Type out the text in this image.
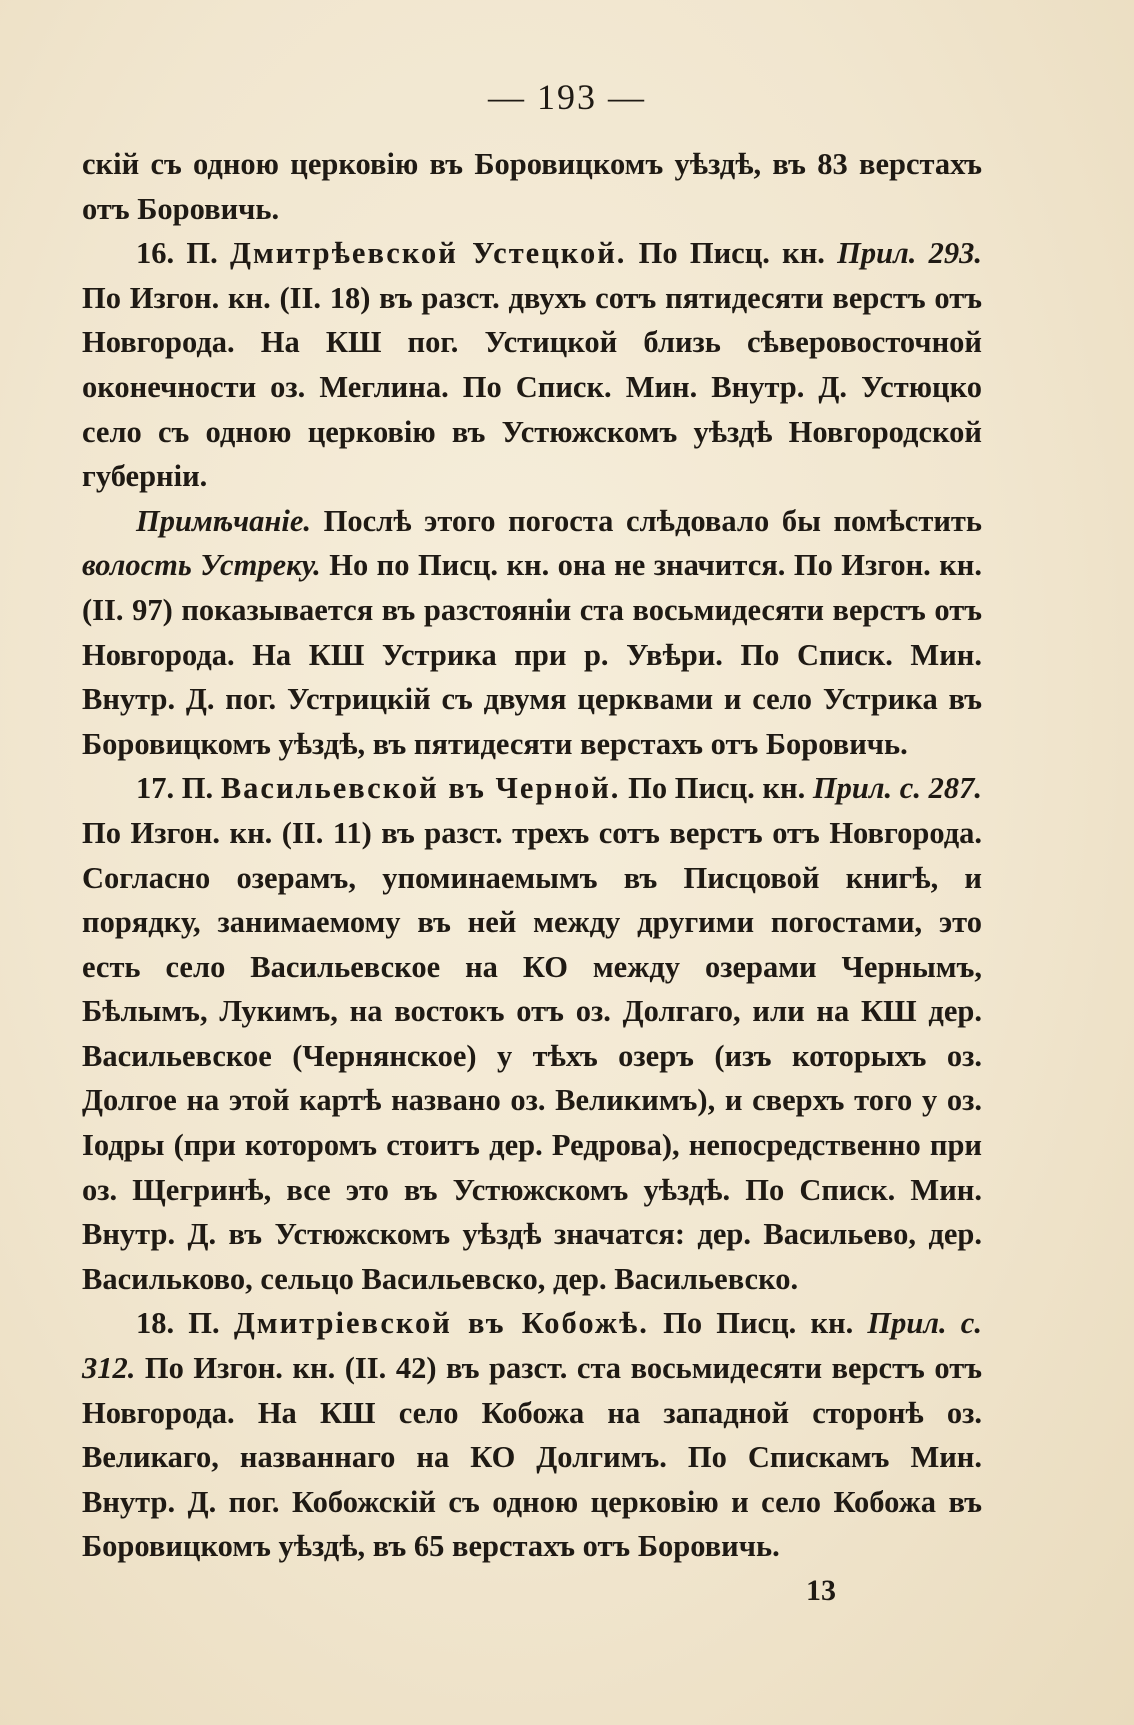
— 193 —

скій съ одною церковію въ Боровицкомъ уѣздѣ, въ 83 верстахъ отъ Боровичь.

16. П. Дмитрѣевской Устецкой. По Писц. кн. Прил. 293. По Изгон. кн. (II. 18) въ разст. двухъ сотъ пятидесяти верстъ отъ Новгорода. На КШ пог. Устицкой близь сѣверовосточной оконечности оз. Меглина. По Списк. Мин. Внутр. Д. Устюцко село съ одною церковію въ Устюжскомъ уѣздѣ Новгородской губерніи.

Примѣчаніе. Послѣ этого погоста слѣдовало бы помѣстить волость Устреку. Но по Писц. кн. она не значится. По Изгон. кн. (II. 97) показывается въ разстояніи ста восьмидесяти верстъ отъ Новгорода. На КШ Устрика при р. Увѣри. По Списк. Мин. Внутр. Д. пог. Устрицкій съ двумя церквами и село Устрика въ Боровицкомъ уѣздѣ, въ пятидесяти верстахъ отъ Боровичь.

17. П. Васильевской въ Черной. По Писц. кн. Прил. с. 287. По Изгон. кн. (II. 11) въ разст. трехъ сотъ верстъ отъ Новгорода. Согласно озерамъ, упоминаемымъ въ Писцовой книгѣ, и порядку, занимаемому въ ней между другими погостами, это есть село Васильевское на КО между озерами Чернымъ, Бѣлымъ, Лукимъ, на востокъ отъ оз. Долгаго, или на КШ дер. Васильевское (Чернянское) у тѣхъ озеръ (изъ которыхъ оз. Долгое на этой картѣ названо оз. Великимъ), и сверхъ того у оз. Іодры (при которомъ стоитъ дер. Редрова), непосредственно при оз. Щегринѣ, все это въ Устюжскомъ уѣздѣ. По Списк. Мин. Внутр. Д. въ Устюжскомъ уѣздѣ значатся: дер. Васильево, дер. Васильково, сельцо Васильевско, дер. Васильевско.

18. П. Дмитріевской въ Кобожѣ. По Писц. кн. Прил. с. 312. По Изгон. кн. (II. 42) въ разст. ста восьмидесяти верстъ отъ Новгорода. На КШ село Кобожа на западной сторонѣ оз. Великаго, названнаго на КО Долгимъ. По Спискамъ Мин. Внутр. Д. пог. Кобожскій съ одною церковію и село Кобожа въ Боровицкомъ уѣздѣ, въ 65 верстахъ отъ Боровичь.

13
